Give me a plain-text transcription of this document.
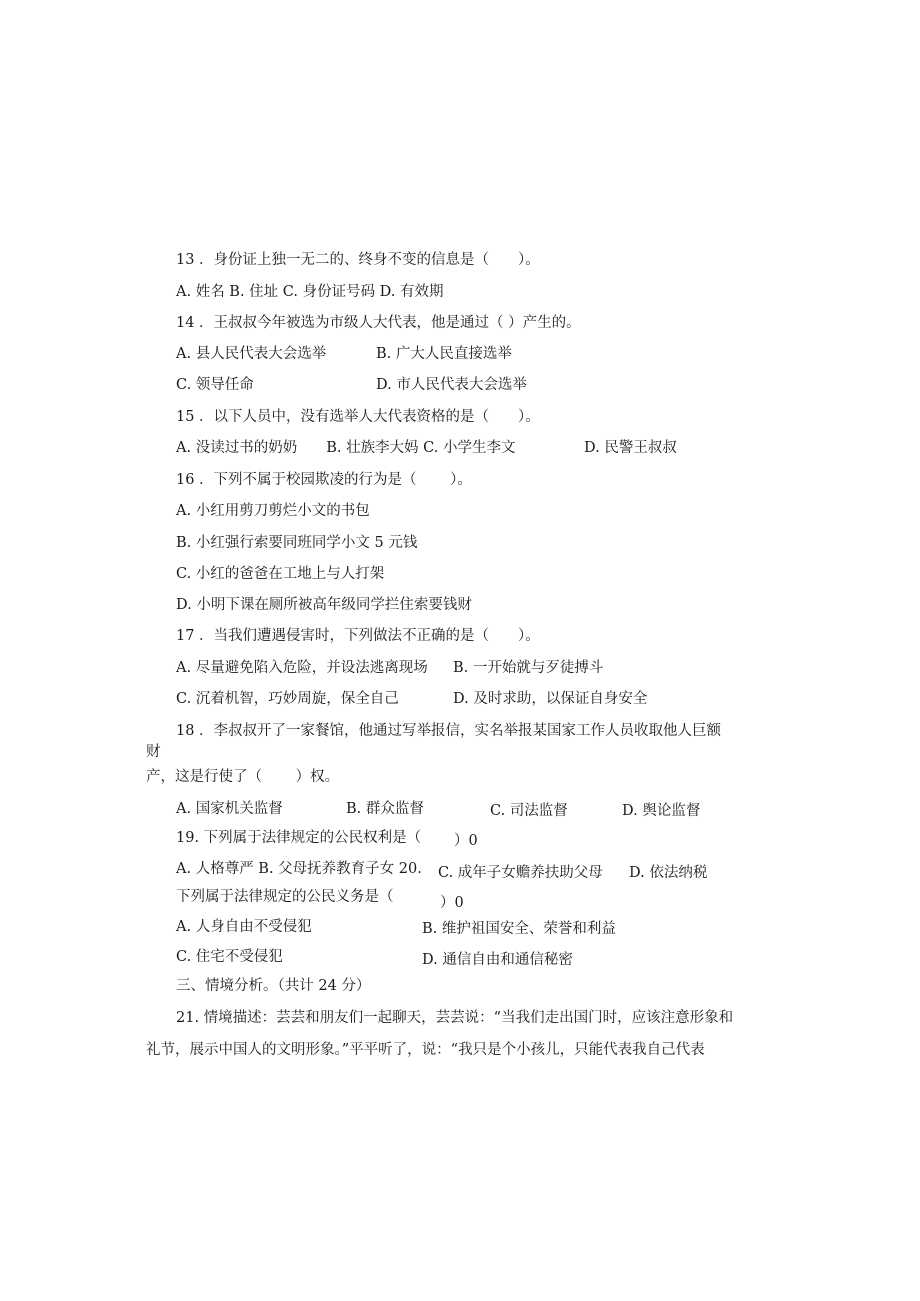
13 ．身份证上独一无二的、终身不变的信息是（　　）。
A. 姓名 B. 住址 C. 身份证号码 D. 有效期
14 ．王叔叔今年被选为市级人大代表，他是通过（ ）产生的。
A. 县人民代表大会选举	B. 广大人民直接选举
C. 领导任命	D. 市人民代表大会选举
15 ．以下人员中，没有选举人大代表资格的是（　　）。
A. 没读过书的奶奶　　B. 壮族李大妈 C. 小学生李文	D. 民警王叔叔
16 ．下列不属于校园欺凌的行为是（　　 ）。
A. 小红用剪刀剪烂小文的书包
B. 小红强行索要同班同学小文 5 元钱
C. 小红的爸爸在工地上与人打架
D. 小明下课在厕所被高年级同学拦住索要钱财
17 ．当我们遭遇侵害时，下列做法不正确的是（　　）。
A. 尽量避免陷入危险，并设法逃离现场 B. 一开始就与歹徒搏斗
C. 沉着机智，巧妙周旋，保全自己	D. 及时求助，以保证自身安全
18 ．李叔叔开了一家餐馆，他通过写举报信，实名举报某国家工作人员收取他人巨额
财
产，这是行使了（　　 ）权。
A. 国家机关监督	B. 群众监督	C. 司法监督	D. 舆论监督
19. 下列属于法律规定的公民权利是（ ）0
A. 人格尊严 B. 父母抚养教育子女 20. C. 成年子女赡养扶助父母 D. 依法纳税
下列属于法律规定的公民义务是（	）0
A. 人身自由不受侵犯	B. 维护祖国安全、荣誉和利益
C. 住宅不受侵犯	D. 通信自由和通信秘密
三、情境分析。（共计 24 分）
21. 情境描述：芸芸和朋友们一起聊天，芸芸说：“当我们走出国门时，应该注意形象和
礼节，展示中国人的文明形象。”平平听了，说：“我只是个小孩儿，只能代表我自己代表
